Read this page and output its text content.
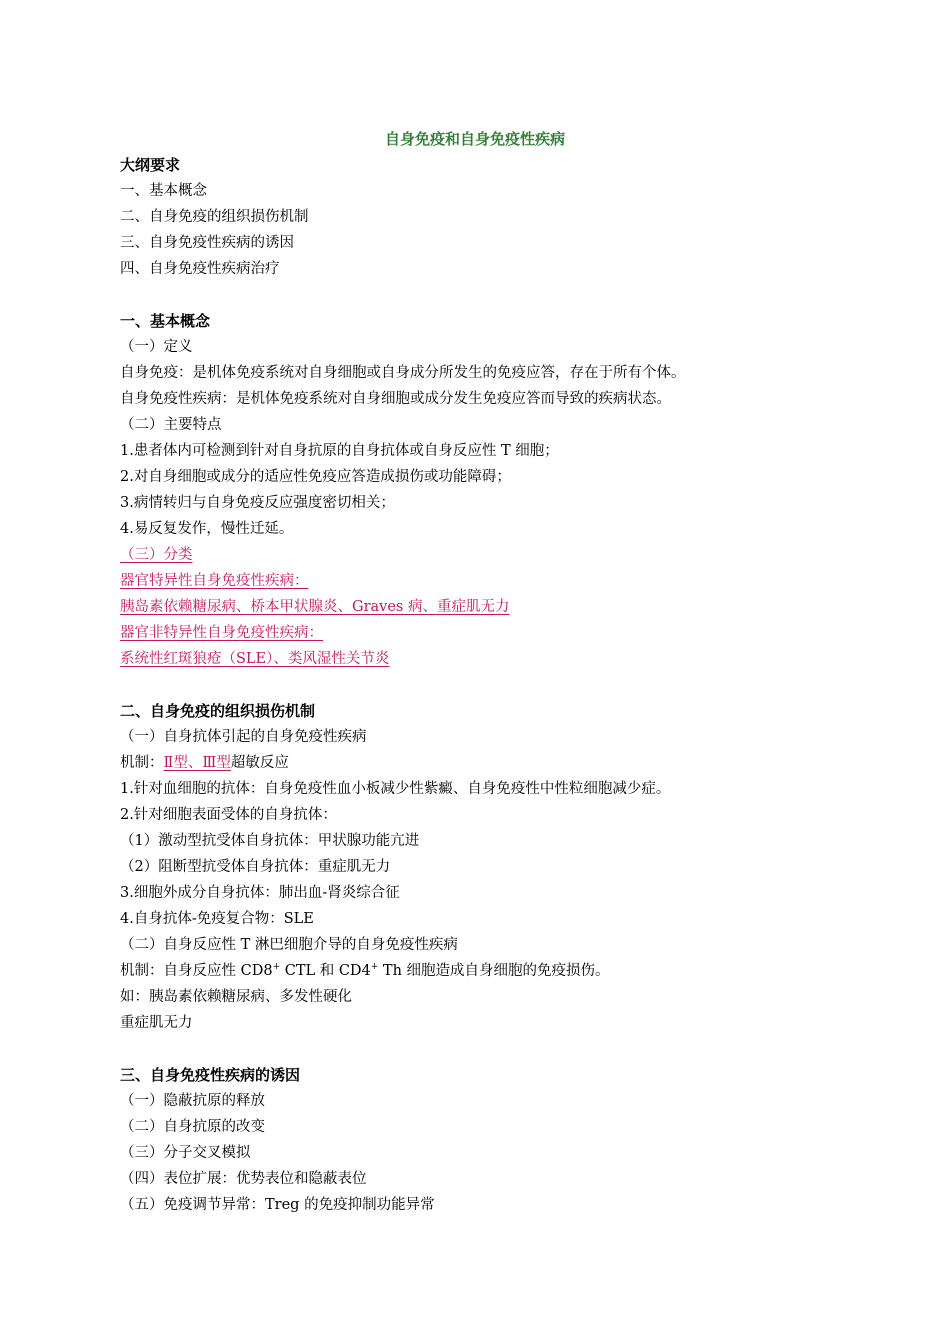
自身免疫和自身免疫性疾病
大纲要求
一、基本概念
二、自身免疫的组织损伤机制
三、自身免疫性疾病的诱因
四、自身免疫性疾病治疗
一、基本概念
（一）定义
自身免疫：是机体免疫系统对自身细胞或自身成分所发生的免疫应答，存在于所有个体。
自身免疫性疾病：是机体免疫系统对自身细胞或成分发生免疫应答而导致的疾病状态。
（二）主要特点
1.患者体内可检测到针对自身抗原的自身抗体或自身反应性 T 细胞；
2.对自身细胞或成分的适应性免疫应答造成损伤或功能障碍；
3.病情转归与自身免疫反应强度密切相关；
4.易反复发作，慢性迁延。
（三）分类
器官特异性自身免疫性疾病：
胰岛素依赖糖尿病、桥本甲状腺炎、Graves 病、重症肌无力
器官非特异性自身免疫性疾病：
系统性红斑狼疮（SLE）、类风湿性关节炎
二、自身免疫的组织损伤机制
（一）自身抗体引起的自身免疫性疾病
机制：Ⅱ型、Ⅲ型超敏反应
1.针对血细胞的抗体：自身免疫性血小板减少性紫癜、自身免疫性中性粒细胞减少症。
2.针对细胞表面受体的自身抗体：
（1）激动型抗受体自身抗体：甲状腺功能亢进
（2）阻断型抗受体自身抗体：重症肌无力
3.细胞外成分自身抗体：肺出血-肾炎综合征
4.自身抗体-免疫复合物：SLE
（二）自身反应性 T 淋巴细胞介导的自身免疫性疾病
机制：自身反应性 CD8+ CTL 和 CD4+ Th 细胞造成自身细胞的免疫损伤。
如：胰岛素依赖糖尿病、多发性硬化
重症肌无力
三、自身免疫性疾病的诱因
（一）隐蔽抗原的释放
（二）自身抗原的改变
（三）分子交叉模拟
（四）表位扩展：优势表位和隐蔽表位
（五）免疫调节异常：Treg 的免疫抑制功能异常
